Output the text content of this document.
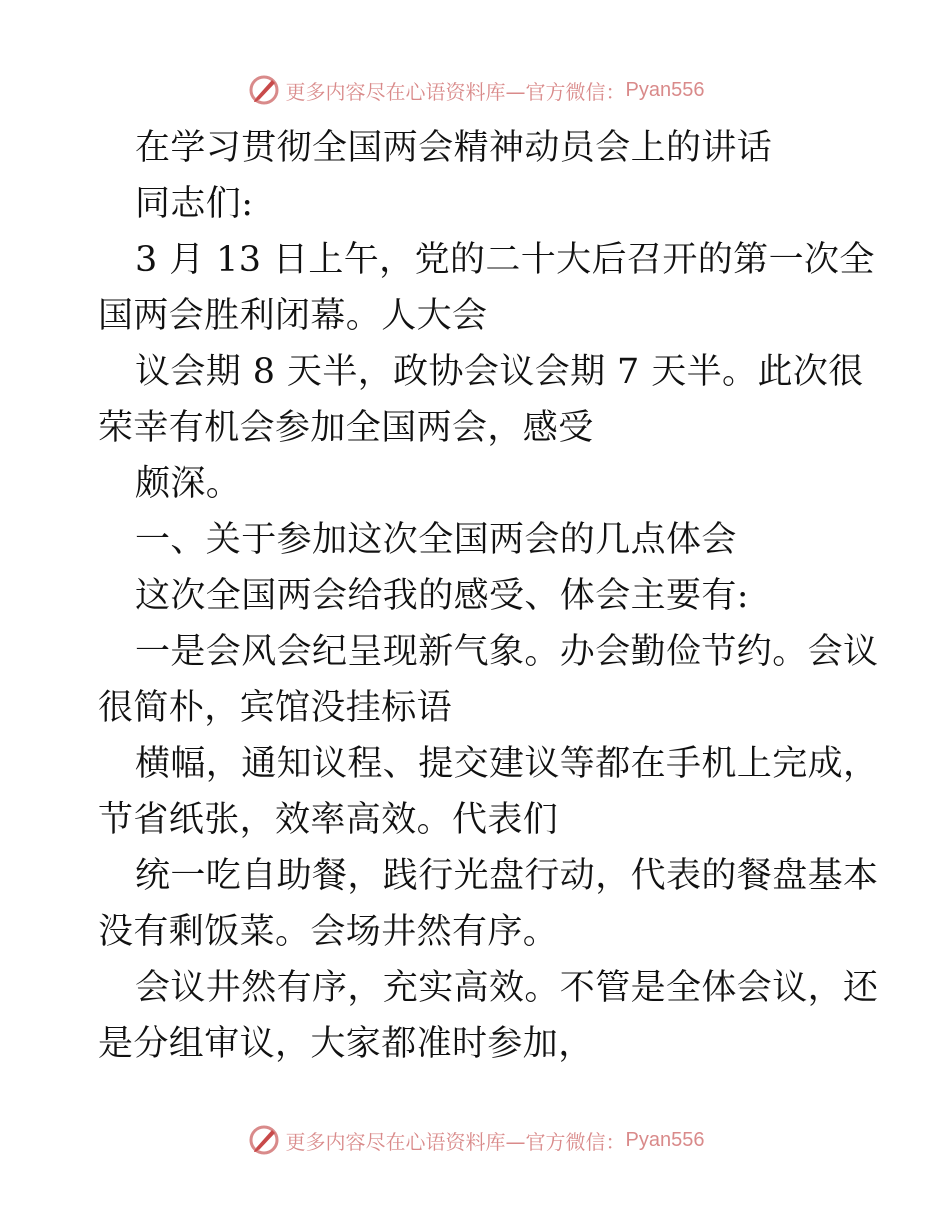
更多内容尽在心语资料库—官方微信： Pyan556
在学习贯彻全国两会精神动员会上的讲话
同志们:
3 月 13 日上午，党的二十大后召开的第一次全
国两会胜利闭幕。人大会
议会期 8 天半，政协会议会期 7 天半。此次很
荣幸有机会参加全国两会，感受
颇深。
一、关于参加这次全国两会的几点体会
这次全国两会给我的感受、体会主要有:
一是会风会纪呈现新气象。办会勤俭节约。会议
很简朴，宾馆没挂标语
横幅，通知议程、提交建议等都在手机上完成，
节省纸张，效率高效。代表们
统一吃自助餐，践行光盘行动，代表的餐盘基本
没有剩饭菜。会场井然有序。
会议井然有序，充实高效。不管是全体会议，还
是分组审议，大家都准时参加，
更多内容尽在心语资料库—官方微信： Pyan556
